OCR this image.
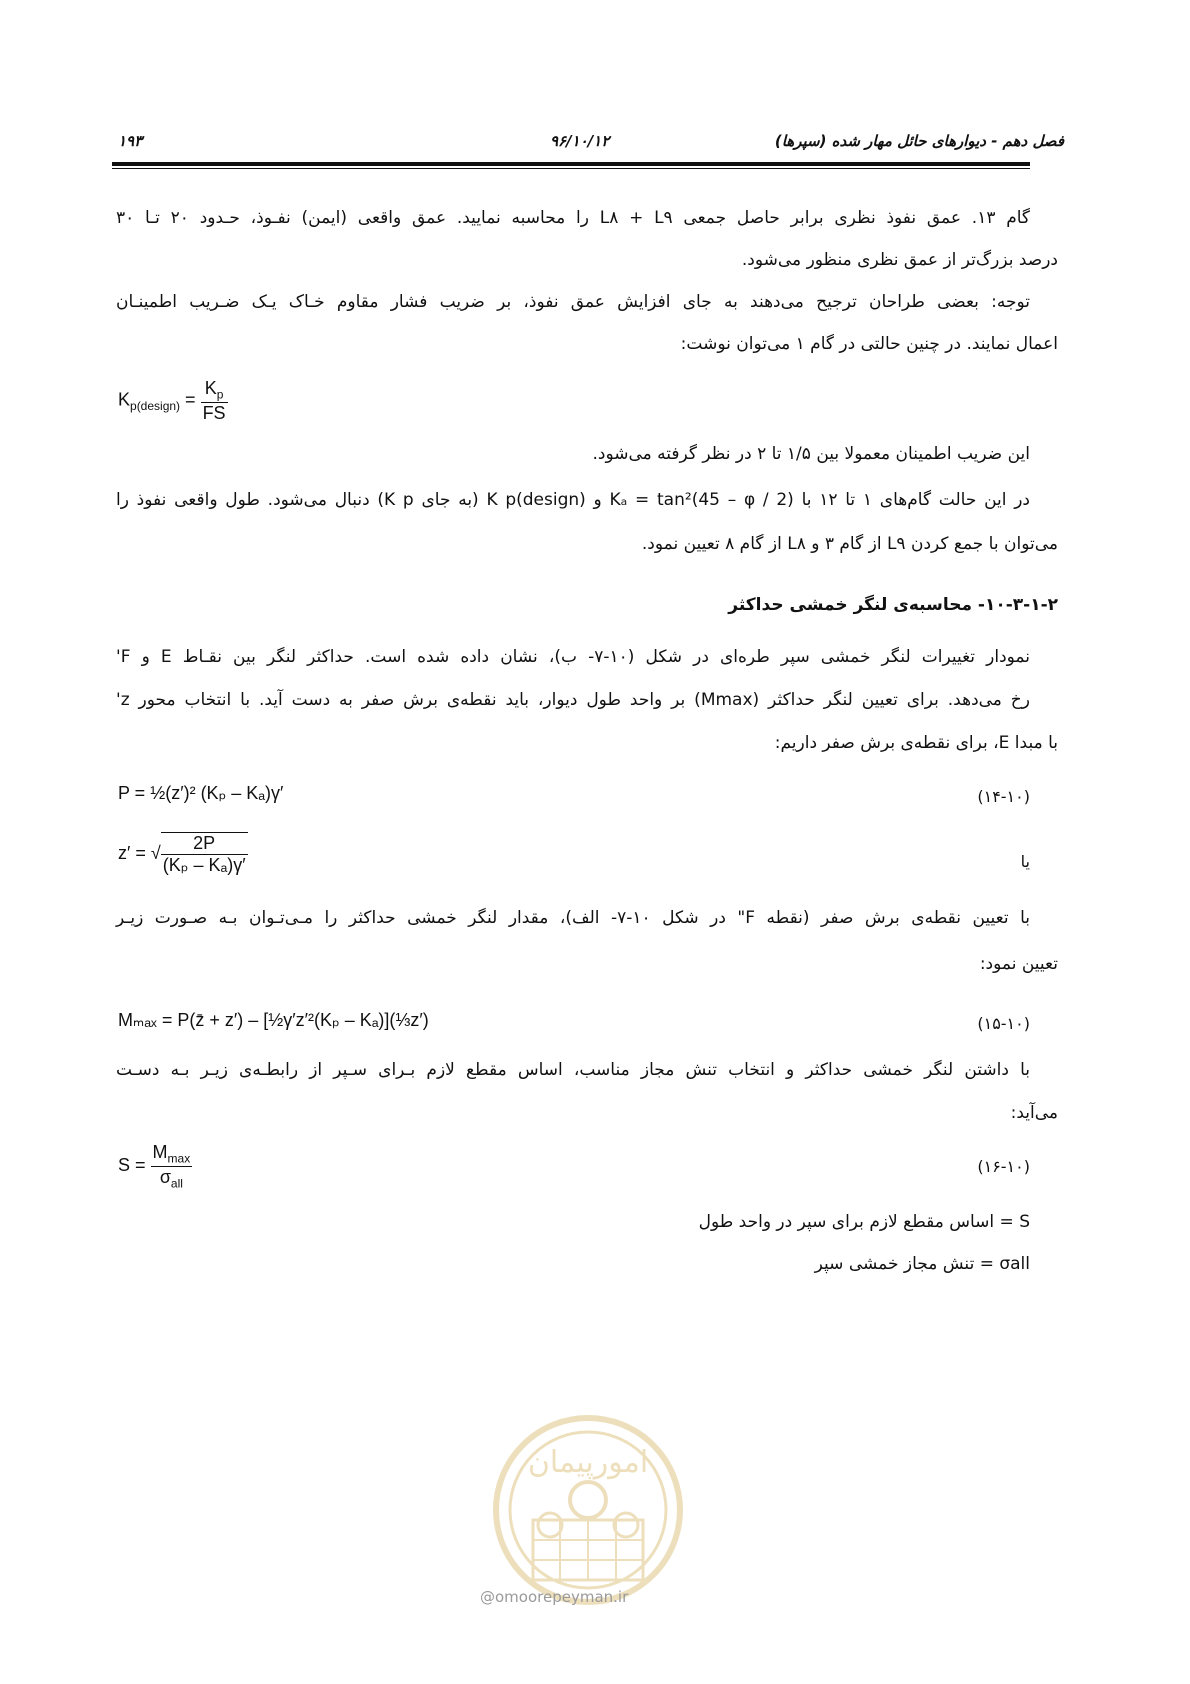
فصل دهم - دیوارهای حائل مهار شده (سپرها)
۹۶/۱۰/۱۲
۱۹۳
گام ۱۳. عمق نفوذ نظری برابر حاصل جمعی L۸ + L۹ را محاسبه نمایید. عمق واقعی (ایمن) نفـوذ، حـدود ۲۰ تـا ۳۰
درصد بزرگ‌تر از عمق نظری منظور می‌شود.
توجه: بعضی طراحان ترجیح می‌دهند به جای افزایش عمق نفوذ، بر ضریب فشار مقاوم خـاک یـک ضـریب اطمینـان
اعمال نمایند. در چنین حالتی در گام ۱ می‌توان نوشت:
$K_{p(design)} = \frac{K_p}{FS}$
این ضریب اطمینان معمولا بین ۱/۵ تا ۲ در نظر گرفته می‌شود.
در این حالت گام‌های ۱ تا ۱۲ با Kₐ = tan²(45 – φ / 2) و K p(design) (به جای K p) دنبال می‌شود. طول واقعی نفوذ را
می‌توان با جمع کردن L۹ از گام ۳ و L۸ از گام ۸ تعیین نمود.
۱۰-۳-۱-۲- محاسبه‌ی لنگر خمشی حداکثر
نمودار تغییرات لنگر خمشی سپر طره‌ای در شکل (۱۰-۷- ب)، نشان داده شده است. حداکثر لنگر بین نقـاط E و F'
رخ می‌دهد. برای تعیین لنگر حداکثر (Mmax) بر واحد طول دیوار، باید نقطه‌ی برش صفر به دست آید. با انتخاب محور z'
با مبدا E، برای نقطه‌ی برش صفر داریم:
P = ½(z′)² (Kₚ – Kₐ)γ′	(۱۴-۱۰)
z′ = √ $\frac{2P}{\text{(Kₚ – Kₐ)γ′}}$	یا
با تعیین نقطه‌ی برش صفر (نقطه F" در شکل ۱۰-۷- الف)، مقدار لنگر خمشی حداکثر را مـی‌تـوان بـه صـورت زیـر
تعیین نمود:
Mₘₐₓ = P(z̄ + z′) – [½γ′z′²(Kₚ – Kₐ)](⅓z′)	(۱۵-۱۰)
با داشتن لنگر خمشی حداکثر و انتخاب تنش مجاز مناسب، اساس مقطع لازم بـرای سـپر از رابطـه‌ی زیـر بـه دسـت
می‌آید:
$S = \frac{M_{max}}{\sigma_{all}}$	(۱۶-۱۰)
S = اساس مقطع لازم برای سپر در واحد طول
σall = تنش مجاز خمشی سپر
امورپیمان
@omoorepeyman.ir
